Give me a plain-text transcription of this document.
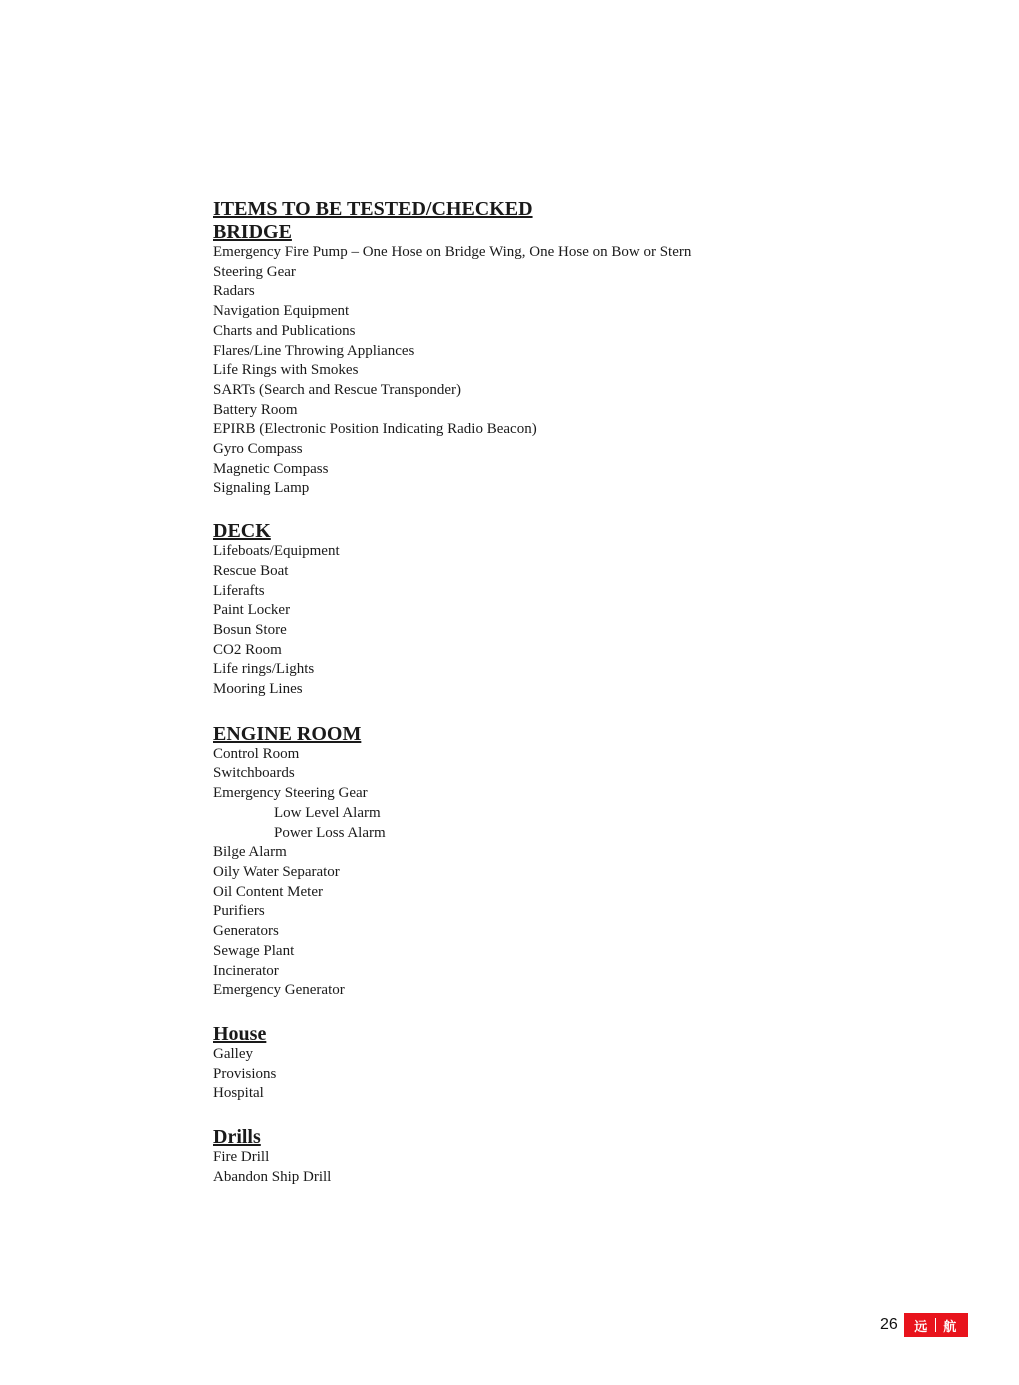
ITEMS TO BE TESTED/CHECKED
BRIDGE
Emergency Fire Pump – One Hose on Bridge Wing, One Hose on Bow or Stern
Steering Gear
Radars
Navigation Equipment
Charts and Publications
Flares/Line Throwing Appliances
Life Rings with Smokes
SARTs (Search and Rescue Transponder)
Battery Room
EPIRB (Electronic Position Indicating Radio Beacon)
Gyro Compass
Magnetic Compass
Signaling Lamp
DECK
Lifeboats/Equipment
Rescue Boat
Liferafts
Paint Locker
Bosun Store
CO2 Room
Life rings/Lights
Mooring Lines
ENGINE ROOM
Control Room
Switchboards
Emergency Steering Gear
Low Level Alarm
Power Loss Alarm
Bilge Alarm
Oily Water Separator
Oil Content Meter
Purifiers
Generators
Sewage Plant
Incinerator
Emergency Generator
House
Galley
Provisions
Hospital
Drills
Fire Drill
Abandon Ship Drill
26 远 航
